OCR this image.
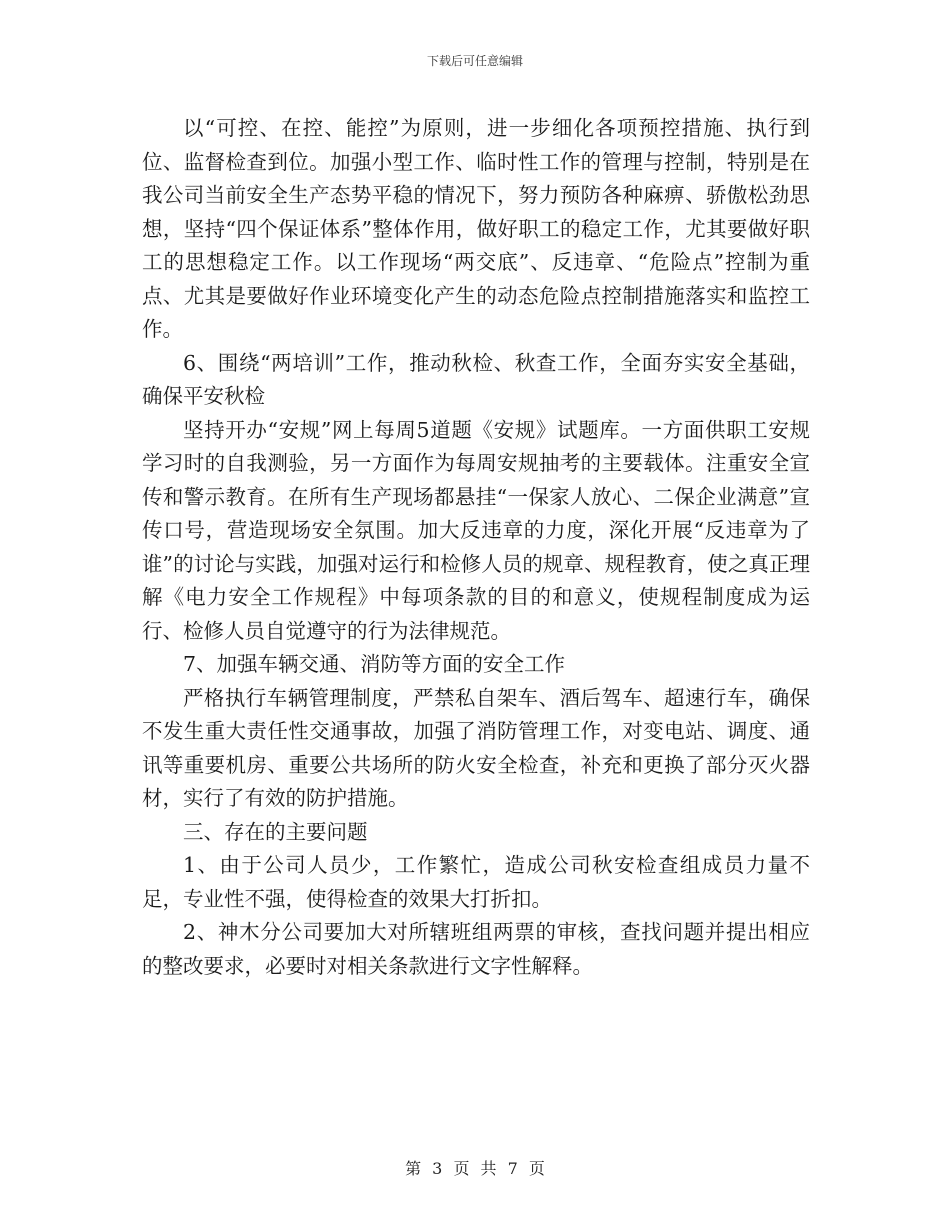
下载后可任意编辑

以“可控、在控、能控”为原则，进一步细化各项预控措施、执行到位、监督检查到位。加强小型工作、临时性工作的管理与控制，特别是在我公司当前安全生产态势平稳的情况下，努力预防各种麻痹、骄傲松劲思想，坚持“四个保证体系”整体作用，做好职工的稳定工作，尤其要做好职工的思想稳定工作。以工作现场“两交底”、反违章、“危险点”控制为重点、尤其是要做好作业环境变化产生的动态危险点控制措施落实和监控工作。

6、围绕“两培训”工作，推动秋检、秋查工作，全面夯实安全基础，确保平安秋检

坚持开办“安规”网上每周5道题《安规》试题库。一方面供职工安规学习时的自我测验，另一方面作为每周安规抽考的主要载体。注重安全宣传和警示教育。在所有生产现场都悬挂“一保家人放心、二保企业满意”宣传口号，营造现场安全氛围。加大反违章的力度，深化开展“反违章为了谁”的讨论与实践，加强对运行和检修人员的规章、规程教育，使之真正理解《电力安全工作规程》中每项条款的目的和意义，使规程制度成为运行、检修人员自觉遵守的行为法律规范。

7、加强车辆交通、消防等方面的安全工作

严格执行车辆管理制度，严禁私自架车、酒后驾车、超速行车，确保不发生重大责任性交通事故，加强了消防管理工作，对变电站、调度、通讯等重要机房、重要公共场所的防火安全检查，补充和更换了部分灭火器材，实行了有效的防护措施。

三、存在的主要问题

1、由于公司人员少，工作繁忙，造成公司秋安检查组成员力量不足，专业性不强，使得检查的效果大打折扣。

2、神木分公司要加大对所辖班组两票的审核，查找问题并提出相应的整改要求，必要时对相关条款进行文字性解释。

第 3 页 共 7 页
